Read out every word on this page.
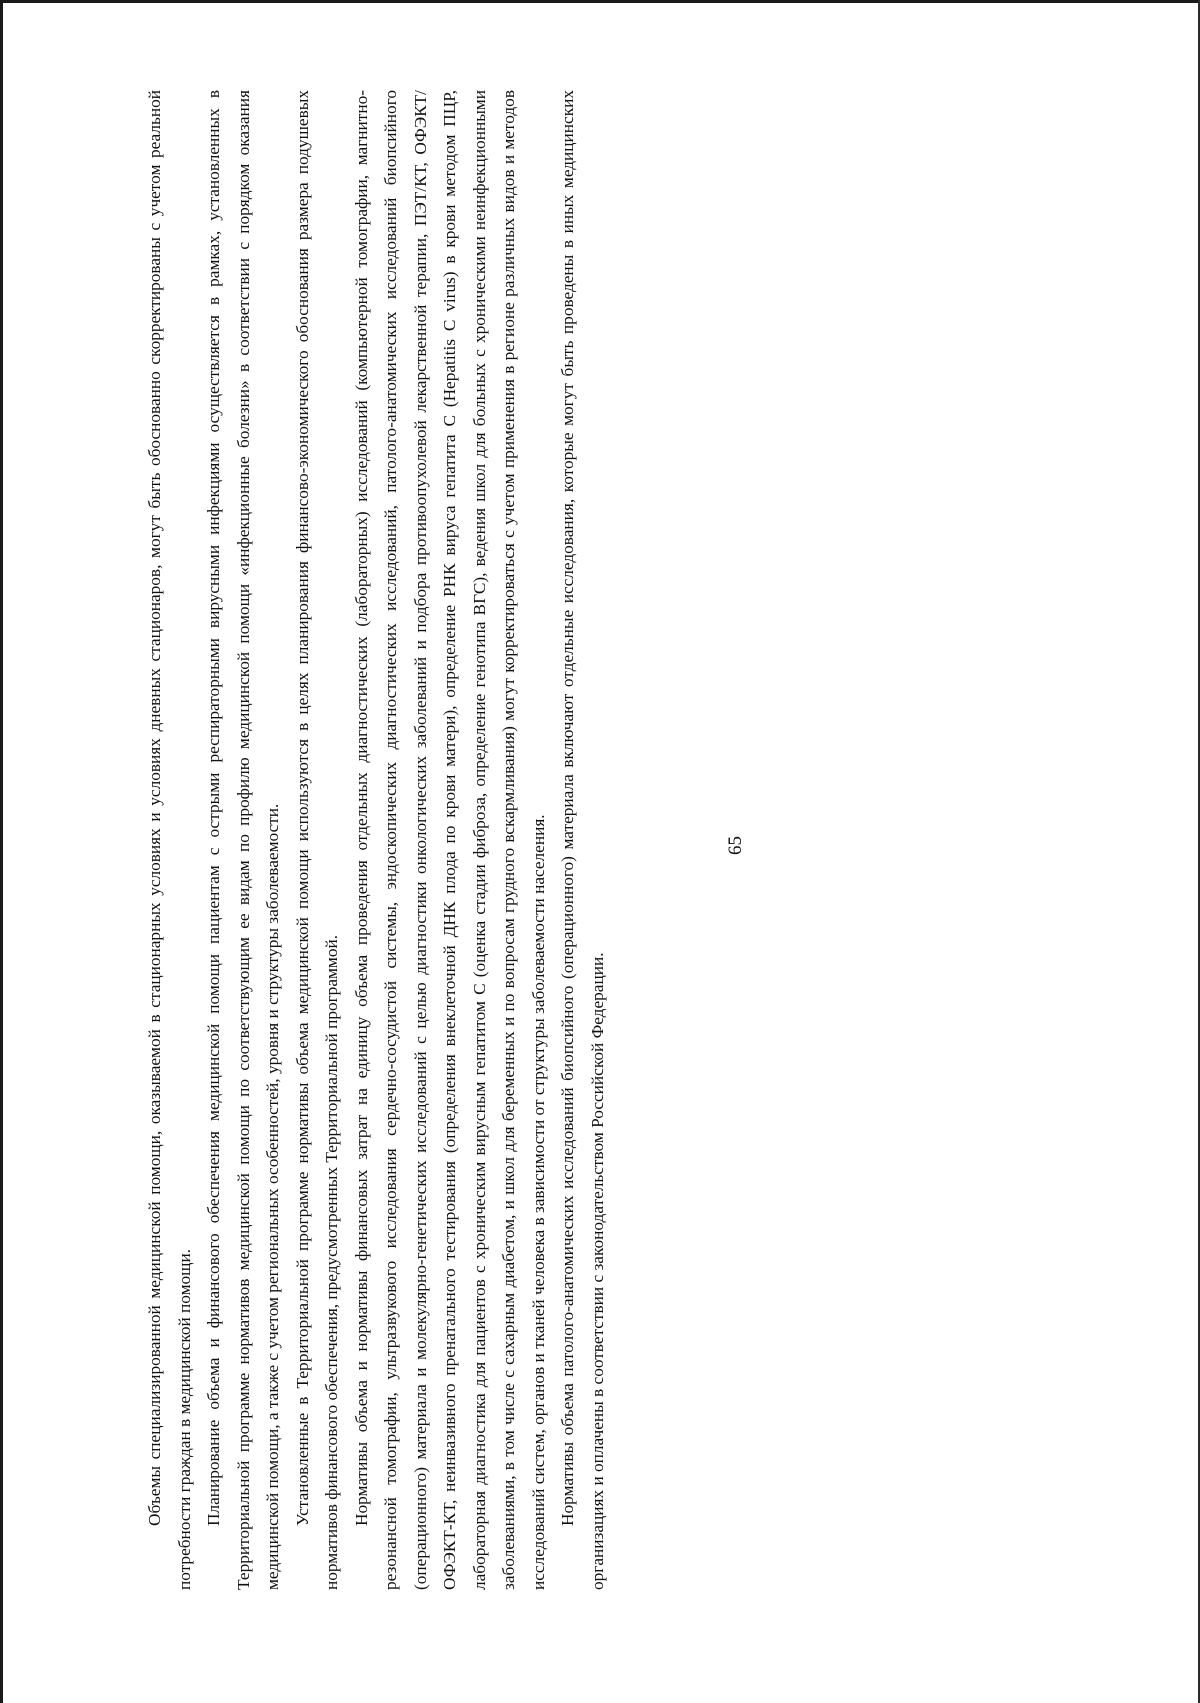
65

Объемы специализированной медицинской помощи, оказываемой в стационарных условиях и условиях дневных стационаров, могут быть обоснованно скорректированы с учетом реальной потребности граждан в медицинской помощи. Планирование объема и финансового обеспечения медицинской помощи пациентам с острыми респираторными вирусными инфекциями осуществляется в рамках, установленных в Территориальной программе нормативов медицинской помощи по соответствующим ее видам по профилю медицинской помощи «инфекционные болезни» в соответствии с порядком оказания медицинской помощи, а также с учетом региональных особенностей, уровня и структуры заболеваемости. Установленные в Территориальной программе нормативы объема медицинской помощи используются в целях планирования финансово-экономического обоснования размера подушевых нормативов финансового обеспечения, предусмотренных Территориальной программой. Нормативы объема и нормативы финансовых затрат на единицу объема проведения отдельных диагностических (лабораторных) исследований (компьютерной томографии, магнитно-резонансной томографии, ультразвукового исследования сердечно-сосудистой системы, эндоскопических диагностических исследований, патолого-анатомических исследований биопсийного (операционного) материала и молекулярно-генетических исследований с целью диагностики онкологических заболеваний и подбора противоопухолевой лекарственной терапии, ПЭТ/КТ, ОФЭКТ/ОФЭКТ-КТ, неинвазивного пренатального тестирования (определения внеклеточной ДНК плода по крови матери), определение РНК вируса гепатита С (Hepatitis C virus) в крови методом ПЦР, лабораторная диагностика для пациентов с хроническим вирусным гепатитом С (оценка стадии фиброза, определение генотипа ВГС), ведения школ для больных с хроническими неинфекционными заболеваниями, в том числе с сахарным диабетом, и школ для беременных и по вопросам грудного вскармливания) могут корректироваться с учетом применения в регионе различных видов и методов исследований систем, органов и тканей человека в зависимости от структуры заболеваемости населения. Нормативы объема патолого-анатомических исследований биопсийного (операционного) материала включают отдельные исследования, которые могут быть проведены в иных медицинских организациях и оплачены в соответствии с законодательством Российской Федерации.
